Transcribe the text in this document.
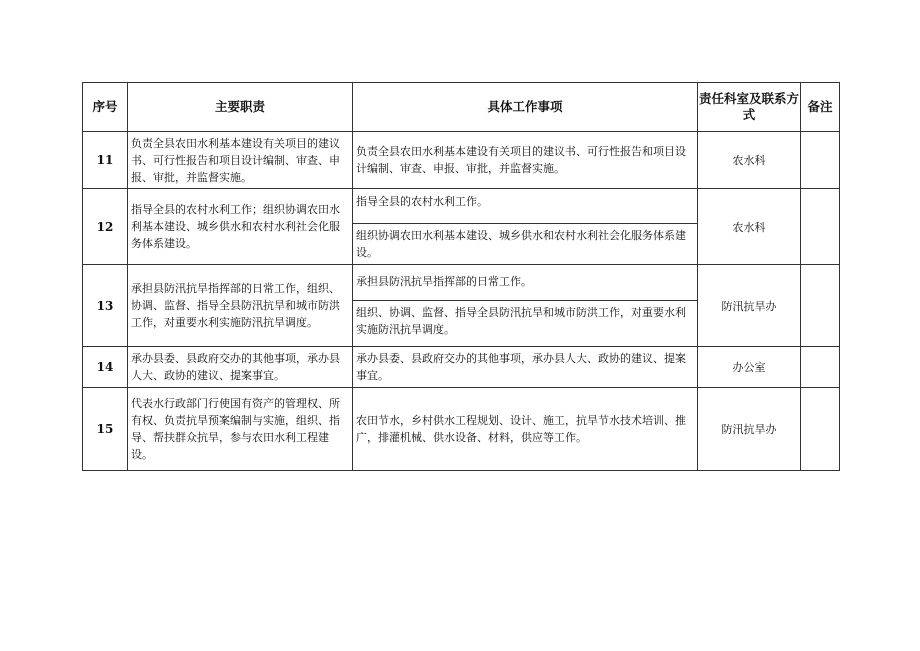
序号	主要职责	具体工作事项	责任科室及联系方式	备注
11	负责全县农田水利基本建设有关项目的建议书、可行性报告和项目设计编制、审查、申报、审批，并监督实施。	负责全县农田水利基本建设有关项目的建议书、可行性报告和项目设计编制、审查、申报、审批，并监督实施。	农水科	
12	指导全县的农村水利工作；组织协调农田水利基本建设、城乡供水和农村水利社会化服务体系建设。	指导全县的农村水利工作。
组织协调农田水利基本建设、城乡供水和农村水利社会化服务体系建设。	农水科	
13	承担县防汛抗旱指挥部的日常工作，组织、协调、监督、指导全县防汛抗旱和城市防洪工作，对重要水利实施防汛抗旱调度。	承担县防汛抗旱指挥部的日常工作。
组织、协调、监督、指导全县防汛抗旱和城市防洪工作，对重要水利实施防汛抗旱调度。	防汛抗旱办	
14	承办县委、县政府交办的其他事项，承办县人大、政协的建议、提案事宜。	承办县委、县政府交办的其他事项，承办县人大、政协的建议、提案事宜。	办公室	
15	代表水行政部门行使国有资产的管理权、所有权、负责抗旱预案编制与实施，组织、指导、帮扶群众抗旱，参与农田水利工程建设。	农田节水，乡村供水工程规划、设计、施工，抗旱节水技术培训、推广，排灌机械、供水设备、材料，供应等工作。	防汛抗旱办	
